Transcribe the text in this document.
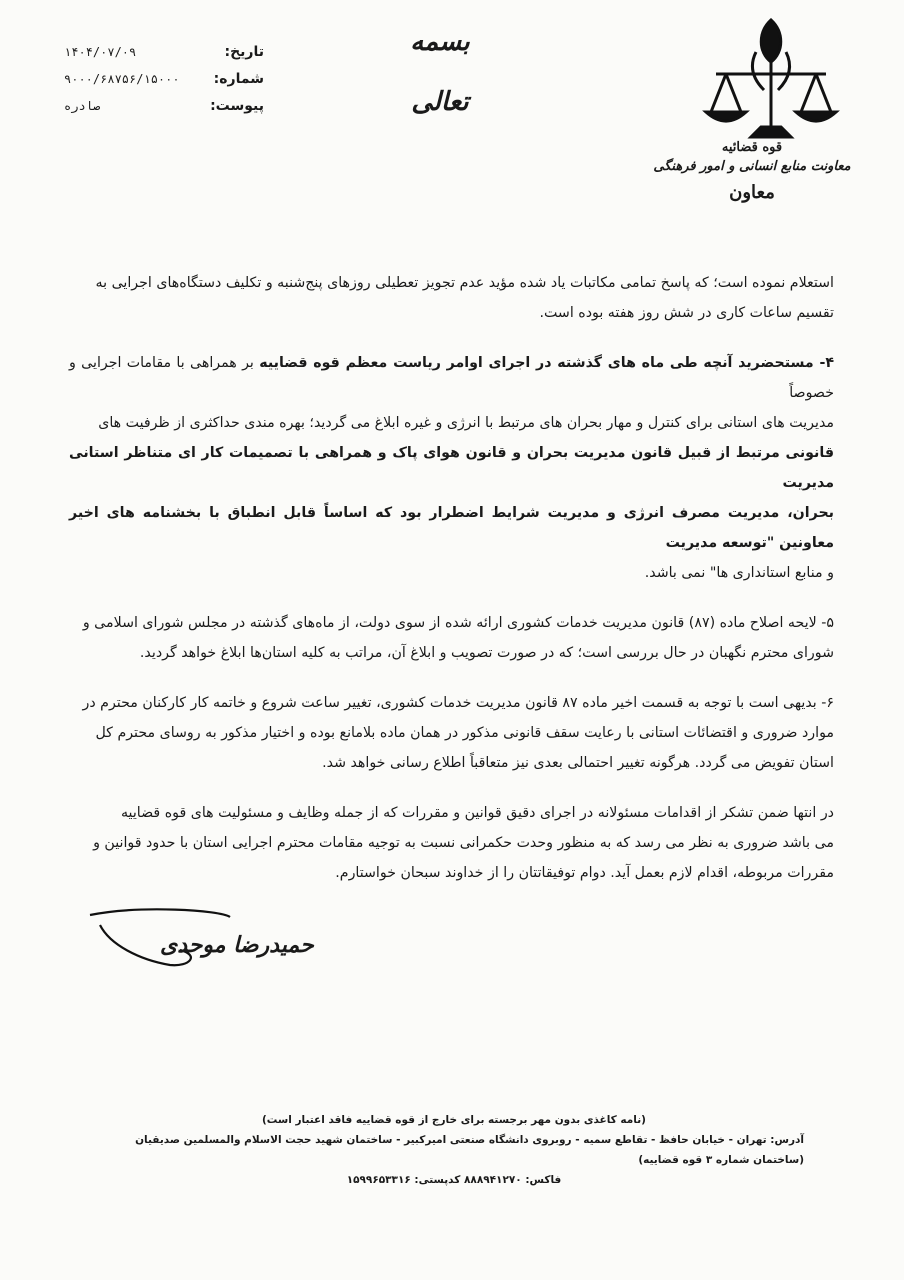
قوه قضائیه
معاونت منابع انسانی و امور فرهنگی
معاون
بسمه تعالی
تاریخ:
۱۴۰۴/۰۷/۰۹
شماره:
۹۰۰۰/۶۸۷۵۶/۱۵۰۰۰
پیوست:
صادره

استعلام نموده است؛ که پاسخ تمامی مکاتبات یاد شده مؤید عدم تجویز تعطیلی روزهای پنج‌شنبه و تکلیف دستگاه‌های اجرایی به

تقسیم ساعات کاری در شش روز هفته بوده است.

۴- مستحضرید آنچه طی ماه های گذشته در اجرای اوامر ریاست معظم قوه قضاییه بر همراهی با مقامات اجرایی و خصوصاً

مدیریت های استانی برای کنترل و مهار بحران های مرتبط با انرژی و غیره ابلاغ می گردید؛ بهره مندی حداکثری از ظرفیت های

قانونی مرتبط از قبیل قانون مدیریت بحران و قانون هوای پاک و همراهی با تصمیمات کار ای متناظر استانی مدیریت

بحران، مدیریت مصرف انرژی و مدیریت شرایط اضطرار بود که اساساً قابل انطباق با بخشنامه های اخیر معاونین "توسعه مدیریت

و منابع استانداری ها" نمی باشد.

۵- لایحه اصلاح ماده (۸۷) قانون مدیریت خدمات کشوری ارائه شده از سوی دولت، از ماه‌های گذشته در مجلس شورای اسلامی و

شورای محترم نگهبان در حال بررسی است؛ که در صورت تصویب و ابلاغ آن، مراتب به کلیه استان‌ها ابلاغ خواهد گردید.

۶- بدیهی است با توجه به قسمت اخیر ماده ۸۷ قانون مدیریت خدمات کشوری، تغییر ساعت شروع و خاتمه کار کارکنان محترم در

موارد ضروری و اقتضائات استانی با رعایت سقف قانونی مذکور در همان ماده بلامانع بوده و اختیار مذکور به روسای محترم کل

استان تفویض می گردد. هرگونه تغییر احتمالی بعدی نیز متعاقباً اطلاع رسانی خواهد شد.

در انتها ضمن تشکر از اقدامات مسئولانه در اجرای دقیق قوانین و مقررات که از جمله وظایف و مسئولیت های قوه قضاییه

می باشد ضروری به نظر می رسد که به منظور وحدت حکمرانی نسبت به توجیه مقامات محترم اجرایی استان با حدود قوانین و

مقررات مربوطه، اقدام لازم بعمل آید. دوام توفیقاتتان را از خداوند سبحان خواستارم.

حمیدرضا موحدی
(نامه کاغذی بدون مهر برجسته برای خارج از قوه قضاییه فاقد اعتبار است)
آدرس: تهران - خیابان حافظ - تقاطع سمیه - روبروی دانشگاه صنعتی امیرکبیر - ساختمان شهید حجت الاسلام والمسلمین صدیقیان (ساختمان شماره ۳ قوه قضاییه)
فاکس: ۸۸۸۹۴۱۲۷۰ کدپستی: ۱۵۹۹۶۵۳۳۱۶
